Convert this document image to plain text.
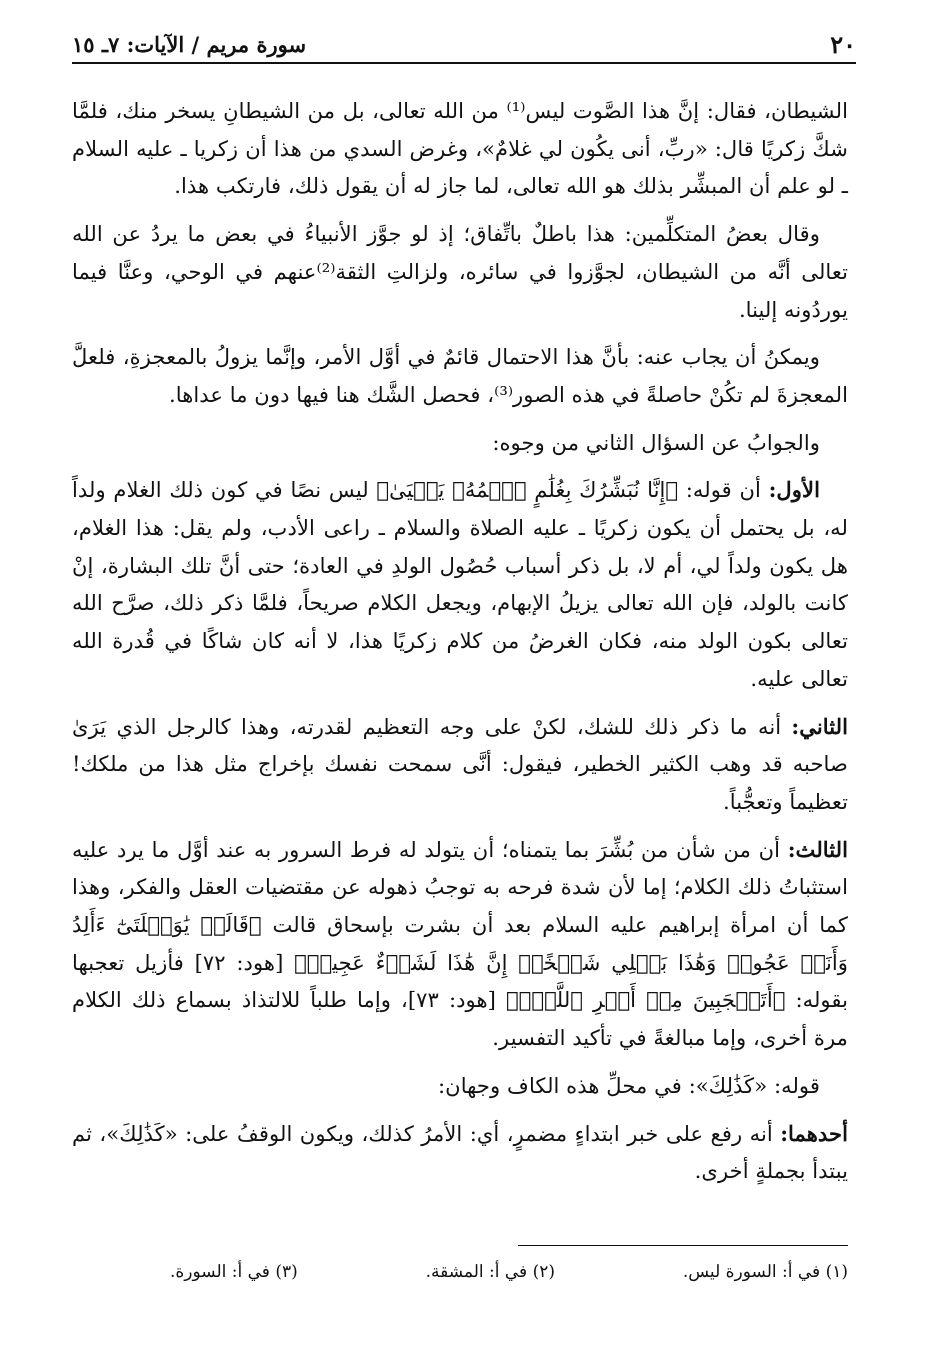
٢٠
سورة مريم / الآيات: ٧ـ ١٥

الشيطان، فقال: إنَّ هذا الصَّوت ليس⁽¹⁾ من الله تعالى، بل من الشيطانِ يسخر منك، فلمَّا شكَّ زكريًا قال: «ربِّ، أنى يكُون لي غلامٌ»، وغرض السدي من هذا أن زكريا ـ عليه السلام ـ لو علم أن المبشِّر بذلك هو الله تعالى، لما جاز له أن يقول ذلك، فارتكب هذا.

وقال بعضُ المتكلِّمين: هذا باطلٌ باتِّفاق؛ إذ لو جوَّز الأنبياءُ في بعض ما يردُ عن الله تعالى أنَّه من الشيطان، لجوَّزوا في سائره، ولزالتِ الثقة⁽²⁾عنهم في الوحي، وعنَّا فيما يوردُونه إلينا.

ويمكنُ أن يجاب عنه: بأنَّ هذا الاحتمال قائمٌ في أوَّل الأمر، وإنَّما يزولُ بالمعجزةِ، فلعلَّ المعجزةَ لم تكُنْ حاصلةً في هذه الصور⁽³⁾، فحصل الشَّك هنا فيها دون ما عداها.

والجوابُ عن السؤال الثاني من وجوه:

الأول: أن قوله: ﴿إِنَّا نُبَشِّرُكَ بِغُلَٰمٍ ٱسۡمُهُۥ يَحۡيَىٰ﴾ ليس نصًا في كون ذلك الغلام ولداً له، بل يحتمل أن يكون زكريًا ـ عليه الصلاة والسلام ـ راعى الأدب، ولم يقل: هذا الغلام، هل يكون ولداً لي، أم لا، بل ذكر أسباب حُصُول الولدِ في العادة؛ حتى أنَّ تلك البشارة، إنْ كانت بالولد، فإن الله تعالى يزيلُ الإبهام، ويجعل الكلام صريحاً، فلمَّا ذكر ذلك، صرَّح الله تعالى بكون الولد منه، فكان الغرضُ من كلام زكريًا هذا، لا أنه كان شاكًا في قُدرة الله تعالى عليه.

الثاني: أنه ما ذكر ذلك للشك، لكنْ على وجه التعظيم لقدرته، وهذا كالرجل الذي يَرَىٰ صاحبه قد وهب الكثير الخطير، فيقول: أنَّى سمحت نفسك بإخراج مثل هذا من ملكك! تعظيماً وتعجُّباً.

الثالث: أن من شأن من بُشِّرَ بما يتمناه؛ أن يتولد له فرط السرور به عند أوَّل ما يرد عليه استثباتُ ذلك الكلام؛ إما لأن شدة فرحه به توجبُ ذهوله عن مقتضيات العقل والفكر، وهذا كما أن امرأة إبراهيم عليه السلام بعد أن بشرت بإسحاق قالت ﴿قَالَتۡ يَٰوَيۡلَتَىٰٓ ءَأَلِدُ وَأَنَا۠ عَجُوزٞ وَهَٰذَا بَعۡلِي شَيۡخًاۖ إِنَّ هَٰذَا لَشَيۡءٌ عَجِيبٞ﴾ [هود: ٧٢] فأزيل تعجبها بقوله: ﴿أَتَعۡجَبِينَ مِنۡ أَمۡرِ ٱللَّهِۖ﴾ [هود: ٧٣]، وإما طلباً للالتذاذ بسماع ذلك الكلام مرة أخرى، وإما مبالغةً في تأكيد التفسير.

قوله: «كَذَٰلِكَ»: في محلِّ هذه الكاف وجهان:

أحدهما: أنه رفع على خبر ابتداءٍ مضمرٍ، أي: الأمرُ كذلك، ويكون الوقفُ على: «كَذَٰلِكَ»، ثم يبتدأ بجملةٍ أخرى.

(١) في أ: السورة ليس.
(٢) في أ: المشقة.
(٣) في أ: السورة.
